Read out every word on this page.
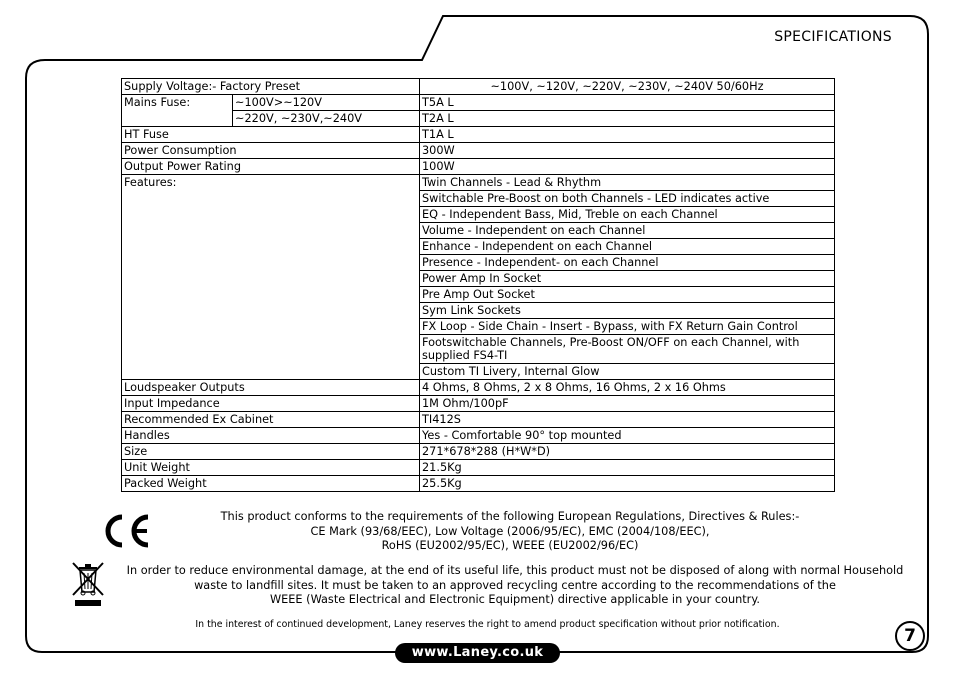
SPECIFICATIONS
Supply Voltage:- Factory Preset		~100V, ~120V, ~220V, ~230V, ~240V 50/60Hz
Mains Fuse:	~100V>~120V	T5A L
	~220V, ~230V,~240V	T2A L
HT Fuse		T1A L
Power Consumption		300W
Output Power Rating		100W
Features:		Twin Channels - Lead & Rhythm
		Switchable Pre-Boost on both Channels - LED indicates active
		EQ - Independent Bass, Mid, Treble on each Channel
		Volume - Independent on each Channel
		Enhance - Independent on each Channel
		Presence - Independent- on each Channel
		Power Amp In Socket
		Pre Amp Out Socket
		Sym Link Sockets
		FX Loop - Side Chain - Insert - Bypass, with FX Return Gain Control
		Footswitchable Channels, Pre-Boost ON/OFF on each Channel, with supplied FS4-TI
		Custom TI Livery, Internal Glow
Loudspeaker Outputs		4 Ohms, 8 Ohms, 2 x 8 Ohms, 16 Ohms, 2 x 16 Ohms
Input Impedance		1M Ohm/100pF
Recommended Ex Cabinet		TI412S
Handles		Yes - Comfortable 90° top mounted
Size		271*678*288 (H*W*D)
Unit Weight		21.5Kg
Packed Weight		25.5Kg
This product conforms to the requirements of the following European Regulations, Directives & Rules:-
CE Mark (93/68/EEC), Low Voltage (2006/95/EC), EMC (2004/108/EEC),
RoHS (EU2002/95/EC), WEEE (EU2002/96/EC)
In order to reduce environmental damage, at the end of its useful life, this product must not be disposed of along with normal Household
waste to landfill sites. It must be taken to an approved recycling centre according to the recommendations of the
WEEE (Waste Electrical and Electronic Equipment) directive applicable in your country.
In the interest of continued development, Laney reserves the right to amend product specification without prior notification.
7
www.Laney.co.uk
